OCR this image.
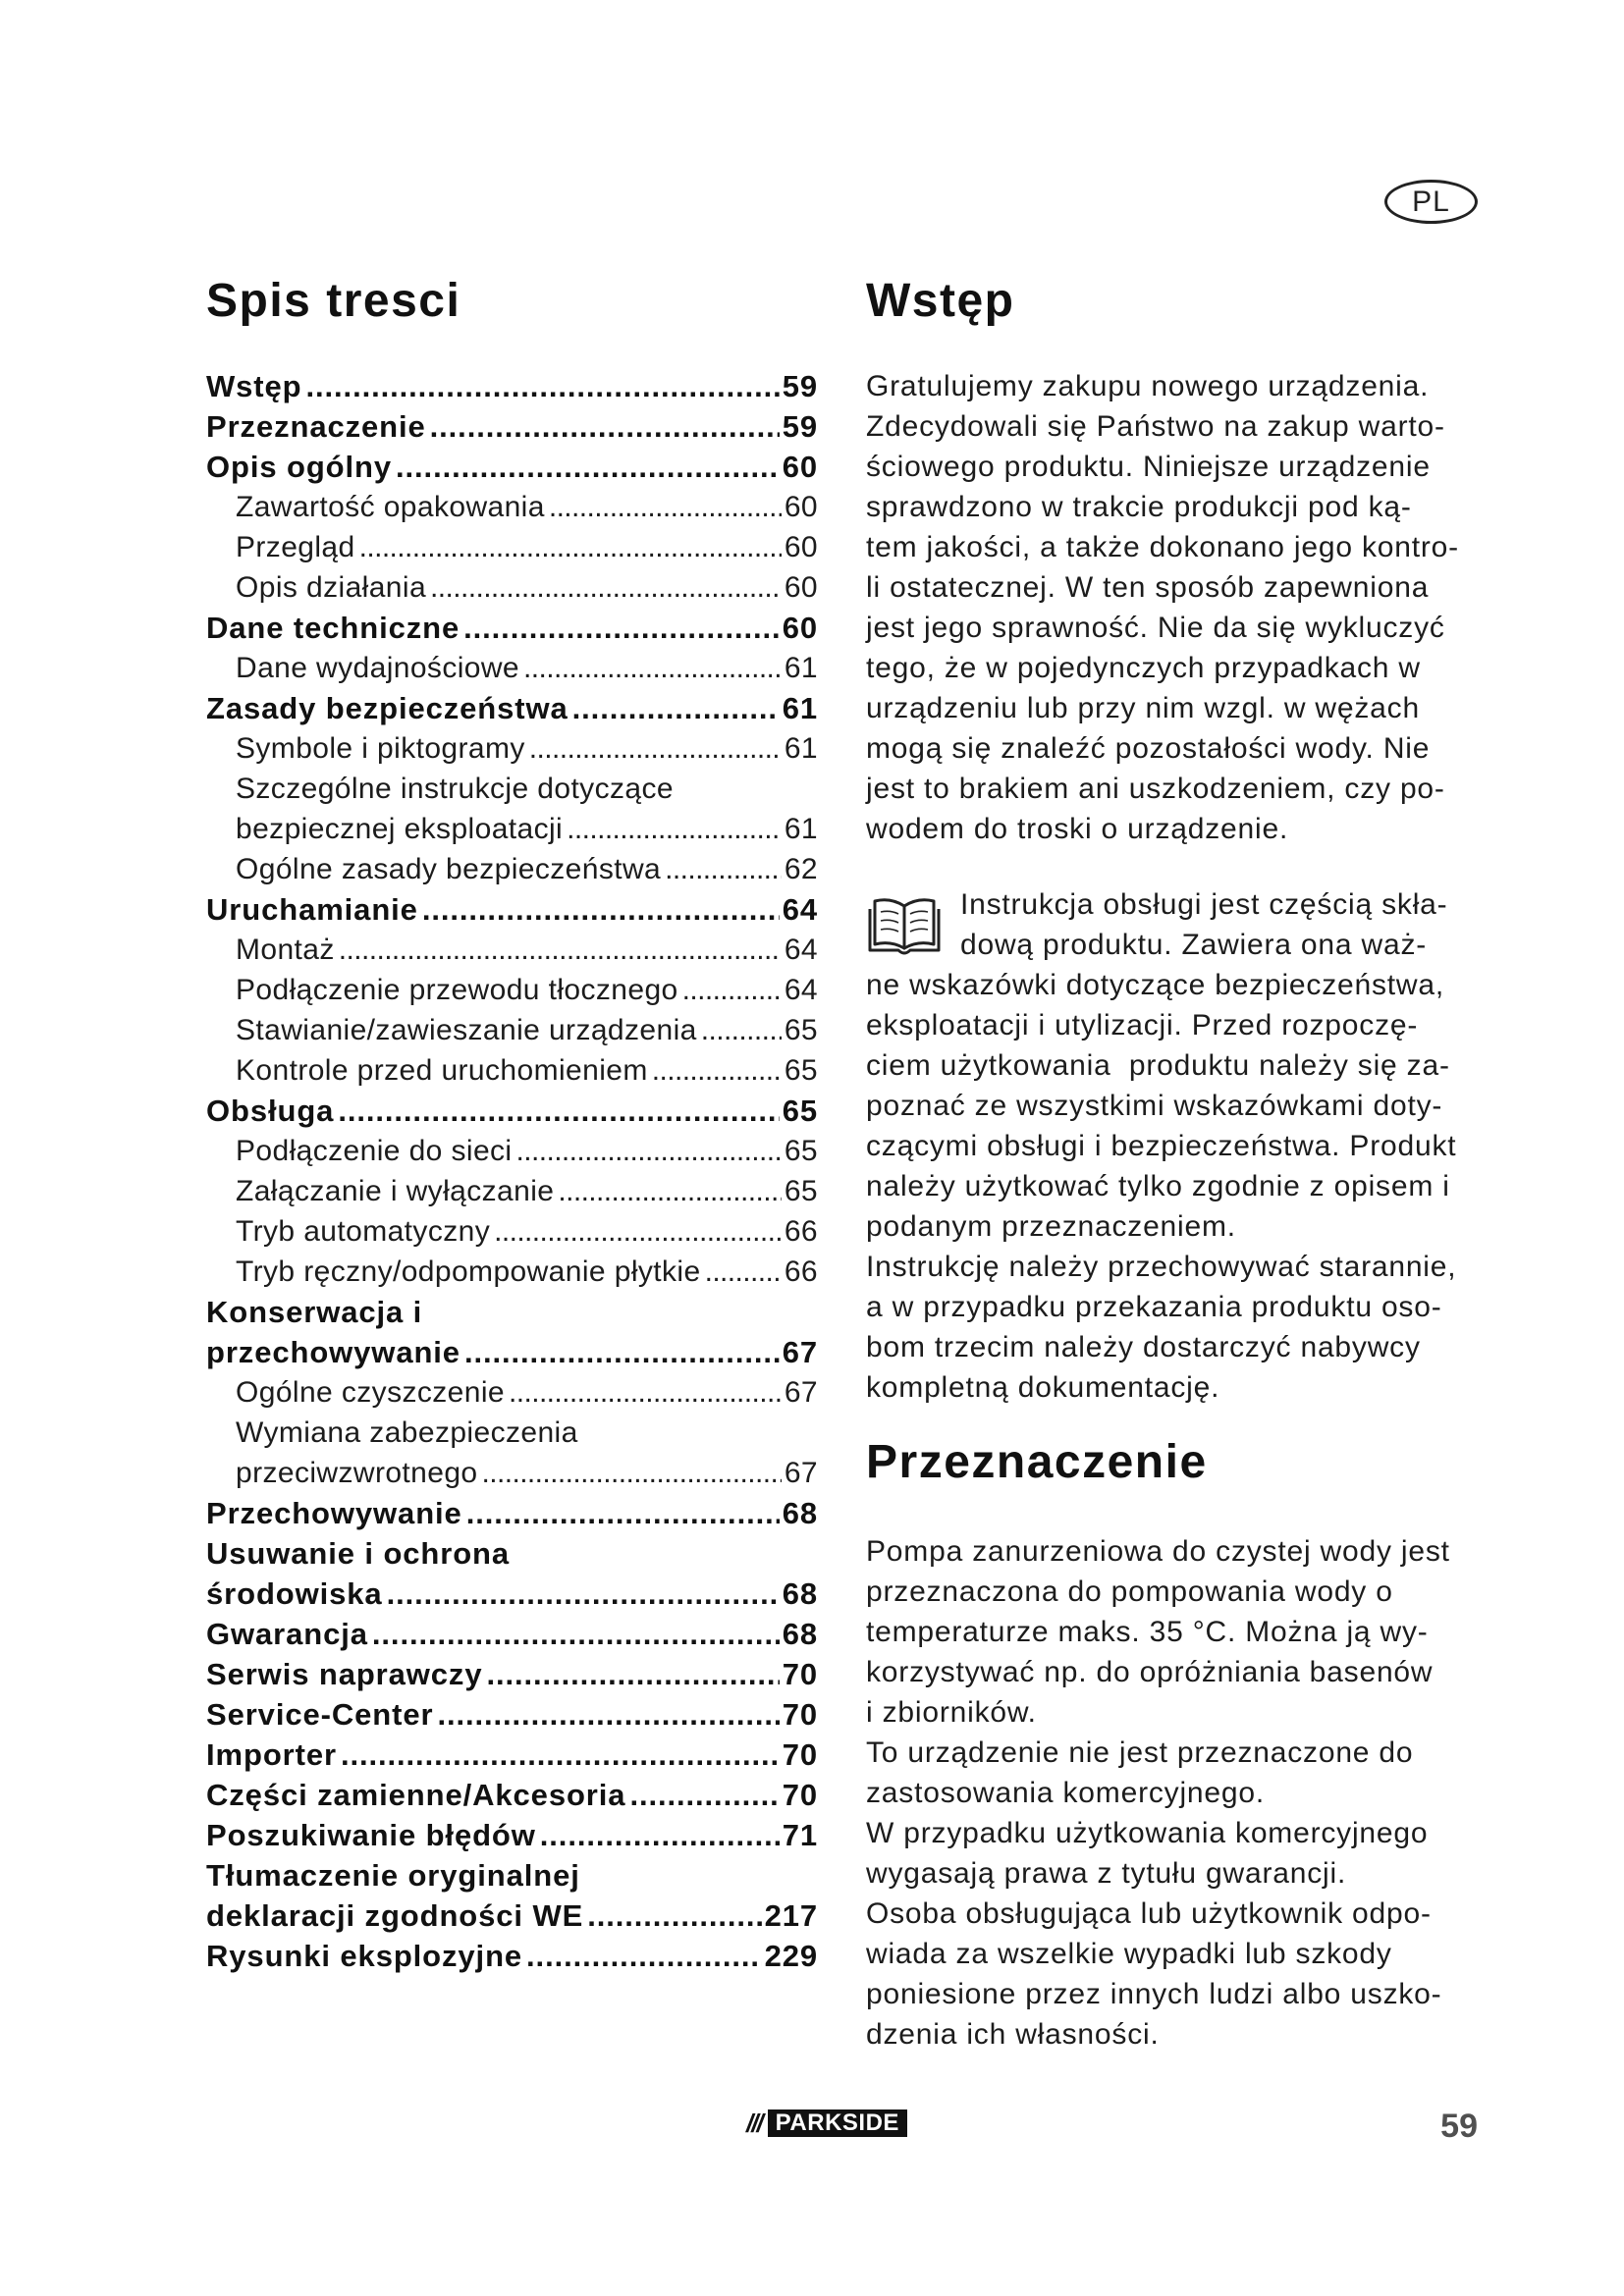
PL
Spis tresci
Wstęp .....	59
Przeznaczenie .....	59
Opis ogólny .....	60
Zawartość opakowania .....	60
Przegląd .....	60
Opis działania .....	60
Dane techniczne .....	60
Dane wydajnościowe .....	61
Zasady bezpieczeństwa .....	61
Symbole i piktogramy .....	61
Szczególne instrukcje dotyczące
bezpiecznej eksploatacji .....	61
Ogólne zasady bezpieczeństwa .....	62
Uruchamianie .....	64
Montaż .....	64
Podłączenie przewodu tłocznego .....	64
Stawianie/zawieszanie urządzenia .....	65
Kontrole przed uruchomieniem .....	65
Obsługa .....	65
Podłączenie do sieci .....	65
Załączanie i wyłączanie .....	65
Tryb automatyczny .....	66
Tryb ręczny/odpompowanie płytkie .....	66
Konserwacja i
przechowywanie .....	67
Ogólne czyszczenie .....	67
Wymiana zabezpieczenia
przeciwzwrotnego .....	67
Przechowywanie .....	68
Usuwanie i ochrona
środowiska .....	68
Gwarancja .....	68
Serwis naprawczy .....	70
Service-Center .....	70
Importer .....	70
Części zamienne/Akcesoria .....	70
Poszukiwanie błędów .....	71
Tłumaczenie oryginalnej
deklaracji zgodności WE .....	217
Rysunki eksplozyjne .....	229
Wstęp
Gratulujemy zakupu nowego urządzenia.
Zdecydowali się Państwo na zakup warto-
ściowego produktu. Niniejsze urządzenie
sprawdzono w trakcie produkcji pod ką-
tem jakości, a także dokonano jego kontro-
li ostatecznej. W ten sposób zapewniona
jest jego sprawność. Nie da się wykluczyć
tego, że w pojedynczych przypadkach w
urządzeniu lub przy nim wzgl. w wężach
mogą się znaleźć pozostałości wody. Nie
jest to brakiem ani uszkodzeniem, czy po-
wodem do troski o urządzenie.
Instrukcja obsługi jest częścią skła-
dową produktu. Zawiera ona waż-
ne wskazówki dotyczące bezpieczeństwa,
eksploatacji i utylizacji. Przed rozpoczę-
ciem użytkowania  produktu należy się za-
poznać ze wszystkimi wskazówkami doty-
czącymi obsługi i bezpieczeństwa. Produkt
należy użytkować tylko zgodnie z opisem i
podanym przeznaczeniem.
Instrukcję należy przechowywać starannie,
a w przypadku przekazania produktu oso-
bom trzecim należy dostarczyć nabywcy
kompletną dokumentację.
Przeznaczenie
Pompa zanurzeniowa do czystej wody jest
przeznaczona do pompowania wody o
temperaturze maks. 35 °C. Można ją wy-
korzystywać np. do opróżniania basenów
i zbiorników.
To urządzenie nie jest przeznaczone do
zastosowania komercyjnego.
W przypadku użytkowania komercyjnego
wygasają prawa z tytułu gwarancji.
Osoba obsługująca lub użytkownik odpo-
wiada za wszelkie wypadki lub szkody
poniesione przez innych ludzi albo uszko-
dzenia ich własności.
/// PARKSIDE	59
